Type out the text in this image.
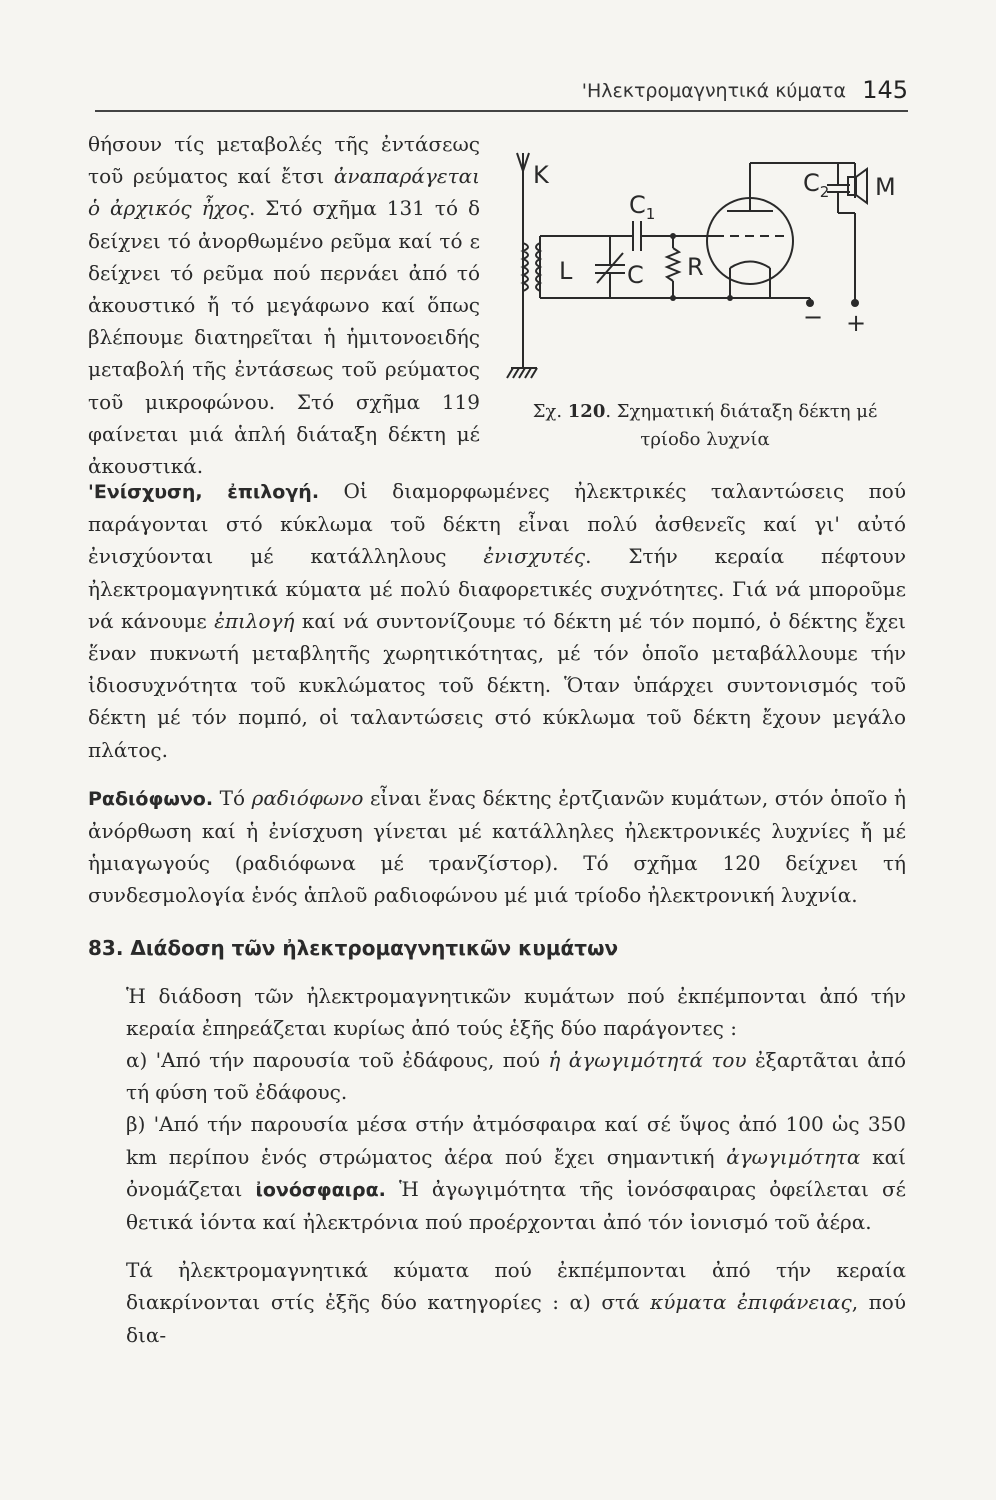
'Ηλεκτρομαγνητικά κύματα 145

θήσουν τίς μεταβολές τῆς ἐντάσεως τοῦ ρεύματος καί ἔτσι ἀναπαράγεται ὁ ἀρχικός ἦχος. Στό σχῆμα 131 τό δ δείχνει τό ἀνορθωμένο ρεῦμα καί τό ε δείχνει τό ρεῦμα πού περνάει ἀπό τό ἀκουστικό ἤ τό μεγάφωνο καί ὅπως βλέπουμε διατηρεῖται ἡ ἡμιτονοειδής μεταβολή τῆς ἐντάσεως τοῦ ρεύματος τοῦ μικροφώνου. Στό σχῆμα 119 φαίνεται μιά ἁπλή διάταξη δέκτη μέ ἀκουστικά.

K
$C_1$
$C_2$ M
L C R
− +
Σχ. 120. Σχηματική διάταξη δέκτη μέ τρίοδο λυχνία

'Ενίσχυση, ἐπιλογή. Οἱ διαμορφωμένες ἠλεκτρικές ταλαντώσεις πού παράγονται στό κύκλωμα τοῦ δέκτη εἶναι πολύ ἀσθενεῖς καί γι' αὐτό ἐνισχύονται μέ κατάλληλους ἐνισχυτές. Στήν κεραία πέφτουν ἠλεκτρομαγνητικά κύματα μέ πολύ διαφορετικές συχνότητες. Γιά νά μποροῦμε νά κάνουμε ἐπιλογή καί νά συντονίζουμε τό δέκτη μέ τόν πομπό, ὁ δέκτης ἔχει ἕναν πυκνωτή μεταβλητῆς χωρητικότητας, μέ τόν ὁποῖο μεταβάλλουμε τήν ἰδιοσυχνότητα τοῦ κυκλώματος τοῦ δέκτη. Ὅταν ὑπάρχει συντονισμός τοῦ δέκτη μέ τόν πομπό, οἱ ταλαντώσεις στό κύκλωμα τοῦ δέκτη ἔχουν μεγάλο πλάτος.

Ραδιόφωνο. Τό ραδιόφωνο εἶναι ἕνας δέκτης ἐρτζιανῶν κυμάτων, στόν ὁποῖο ἡ ἀνόρθωση καί ἡ ἐνίσχυση γίνεται μέ κατάλληλες ἠλεκτρονικές λυχνίες ἤ μέ ἡμιαγωγούς (ραδιόφωνα μέ τρανζίστορ). Τό σχῆμα 120 δείχνει τή συνδεσμολογία ἑνός ἁπλοῦ ραδιοφώνου μέ μιά τρίοδο ἠλεκτρονική λυχνία.

83. Διάδοση τῶν ἠλεκτρομαγνητικῶν κυμάτων

Ἡ διάδοση τῶν ἠλεκτρομαγνητικῶν κυμάτων πού ἐκπέμπονται ἀπό τήν κεραία ἐπηρεάζεται κυρίως ἀπό τούς ἑξῆς δύο παράγοντες :

α) 'Από τήν παρουσία τοῦ ἐδάφους, πού ἡ ἀγωγιμότητά του ἐξαρτᾶται ἀπό τή φύση τοῦ ἐδάφους.

β) 'Από τήν παρουσία μέσα στήν ἀτμόσφαιρα καί σέ ὕψος ἀπό 100 ὡς 350 km περίπου ἑνός στρώματος ἀέρα πού ἔχει σημαντική ἀγωγιμότητα καί ὀνομάζεται ἰονόσφαιρα. Ἡ ἀγωγιμότητα τῆς ἰονόσφαιρας ὀφείλεται σέ θετικά ἰόντα καί ἠλεκτρόνια πού προέρχονται ἀπό τόν ἰονισμό τοῦ ἀέρα.

Τά ἠλεκτρομαγνητικά κύματα πού ἐκπέμπονται ἀπό τήν κεραία διακρίνονται στίς ἑξῆς δύο κατηγορίες : α) στά κύματα ἐπιφάνειας, πού δια-
